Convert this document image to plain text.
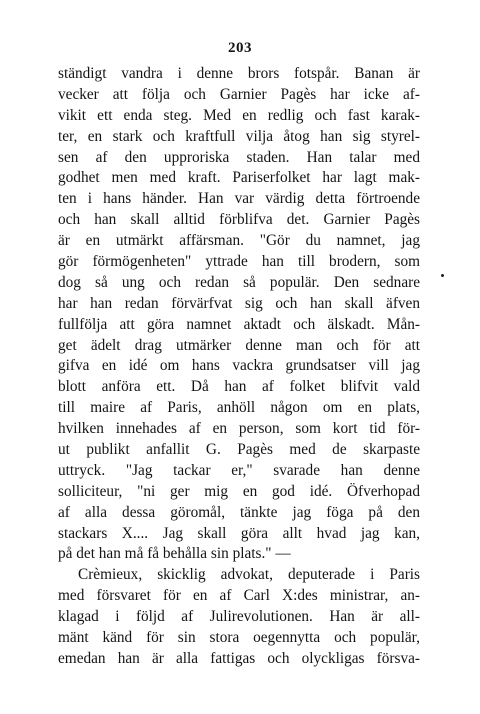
203
ständigt vandra i denne brors fotspår. Banan är
vecker att följa och Garnier Pagès har icke af-
vikit ett enda steg. Med en redlig och fast karak-
ter, en stark och kraftfull vilja åtog han sig styrel-
sen af den upproriska staden. Han talar med
godhet men med kraft. Pariserfolket har lagt mak-
ten i hans händer. Han var värdig detta förtroende
och han skall alltid förblifva det. Garnier Pagès
är en utmärkt affärsman. "Gör du namnet, jag
gör förmögenheten" yttrade han till brodern, som
dog så ung och redan så populär. Den sednare
har han redan förvärfvat sig och han skall äfven
fullfölja att göra namnet aktadt och älskadt. Mån-
get ädelt drag utmärker denne man och för att
gifva en idé om hans vackra grundsatser vill jag
blott anföra ett. Då han af folket blifvit vald
till maire af Paris, anhöll någon om en plats,
hvilken innehades af en person, som kort tid för-
ut publikt anfallit G. Pagès med de skarpaste
uttryck. "Jag tackar er," svarade han denne
solliciteur, "ni ger mig en god idé. Öfverhopad
af alla dessa göromål, tänkte jag föga på den
stackars X.... Jag skall göra allt hvad jag kan,
på det han må få behålla sin plats." —
Crèmieux, skicklig advokat, deputerade i Paris
med försvaret för en af Carl X:des ministrar, an-
klagad i följd af Julirevolutionen. Han är all-
mänt känd för sin stora oegennytta och populär,
emedan han är alla fattigas och olyckligas försva-
